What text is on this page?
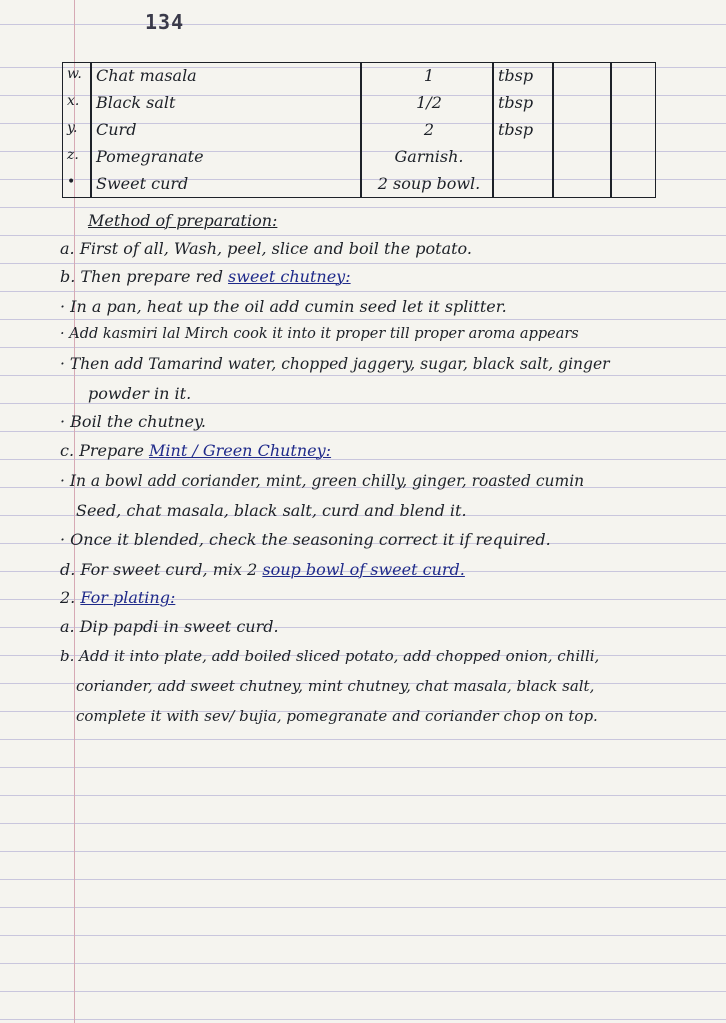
134
w. Chat masala	1	tbsp
x. Black salt	1/2	tbsp
y. Curd	2	tbsp
z. Pomegranate	Garnish.
• Sweet curd	2 soup bowl.
Method of preparation:
a. First of all, Wash, peel, slice and boil the potato.
b. Then prepare red sweet chutney:
· In a pan, heat up the oil add cumin seed let it splitter.
· Add kasmiri lal Mirch cook it into it proper till proper aroma appears
· Then add Tamarind water, chopped jaggery, sugar, black salt, ginger
powder in it.
· Boil the chutney.
c. Prepare Mint / Green Chutney:
· In a bowl add coriander, mint, green chilly, ginger, roasted cumin
Seed, chat masala, black salt, curd and blend it.
· Once it blended, check the seasoning correct it if required.
d. For sweet curd, mix 2 soup bowl of sweet curd.
2. For plating:
a. Dip papdi in sweet curd.
b. Add it into plate, add boiled sliced potato, add chopped onion, chilli,
coriander, add sweet chutney, mint chutney, chat masala, black salt,
complete it with sev/ bujia, pomegranate and coriander chop on top.
